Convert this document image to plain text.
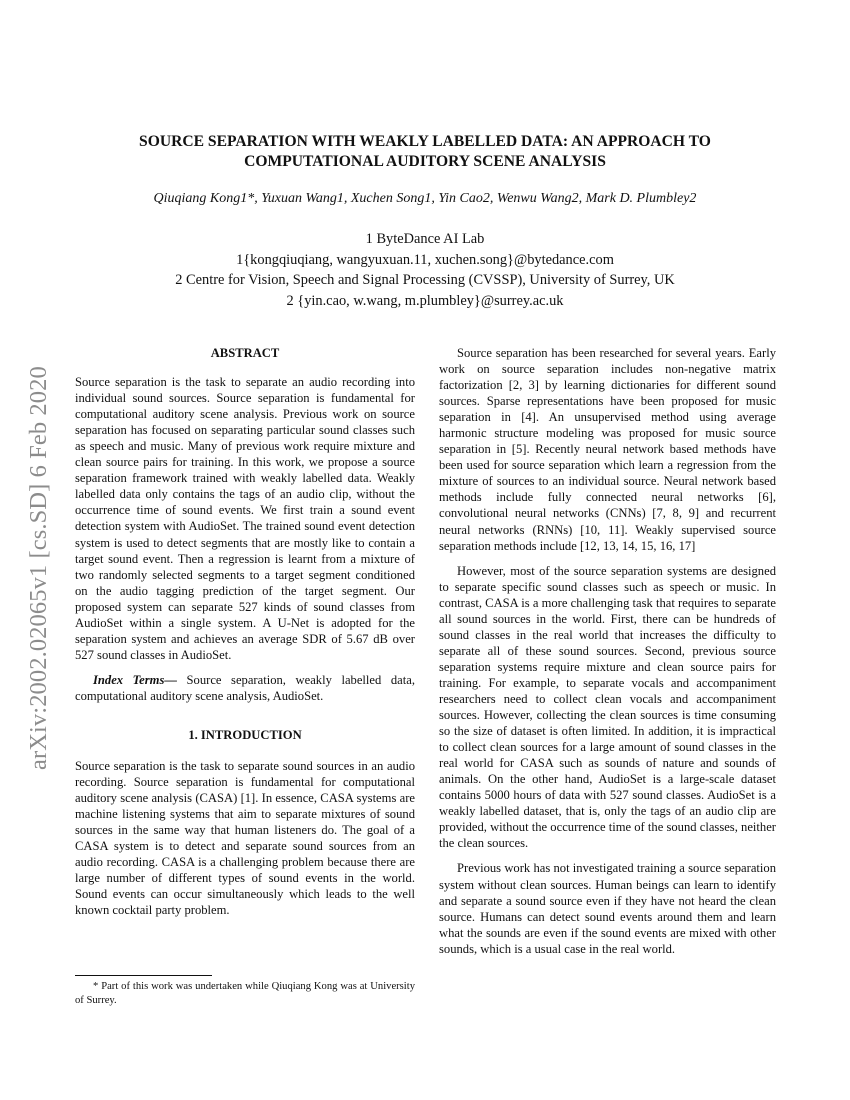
arXiv:2002.02065v1 [cs.SD] 6 Feb 2020
SOURCE SEPARATION WITH WEAKLY LABELLED DATA: AN APPROACH TO
COMPUTATIONAL AUDITORY SCENE ANALYSIS
Qiuqiang Kong1*, Yuxuan Wang1, Xuchen Song1, Yin Cao2, Wenwu Wang2, Mark D. Plumbley2
1 ByteDance AI Lab
1{kongqiuqiang, wangyuxuan.11, xuchen.song}@bytedance.com
2 Centre for Vision, Speech and Signal Processing (CVSSP), University of Surrey, UK
2 {yin.cao, w.wang, m.plumbley}@surrey.ac.uk
ABSTRACT

Source separation is the task to separate an audio recording into individual sound sources. Source separation is fundamental for computational auditory scene analysis. Previous work on source separation has focused on separating particular sound classes such as speech and music. Many of previous work require mixture and clean source pairs for training. In this work, we propose a source separation framework trained with weakly labelled data. Weakly labelled data only contains the tags of an audio clip, without the occurrence time of sound events. We first train a sound event detection system with AudioSet. The trained sound event detection system is used to detect segments that are mostly like to contain a target sound event. Then a regression is learnt from a mixture of two randomly selected segments to a target segment conditioned on the audio tagging prediction of the target segment. Our proposed system can separate 527 kinds of sound classes from AudioSet within a single system. A U-Net is adopted for the separation system and achieves an average SDR of 5.67 dB over 527 sound classes in AudioSet.

Index Terms— Source separation, weakly labelled data, computational auditory scene analysis, AudioSet.

1. INTRODUCTION

Source separation is the task to separate sound sources in an audio recording. Source separation is fundamental for computational auditory scene analysis (CASA) [1]. In essence, CASA systems are machine listening systems that aim to separate mixtures of sound sources in the same way that human listeners do. The goal of a CASA system is to detect and separate sound sources from an audio recording. CASA is a challenging problem because there are large number of different types of sound events in the world. Sound events can occur simultaneously which leads to the well known cocktail party problem.

* Part of this work was undertaken while Qiuqiang Kong was at University of Surrey.

Source separation has been researched for several years. Early work on source separation includes non-negative matrix factorization [2, 3] by learning dictionaries for different sound sources. Sparse representations have been proposed for music separation in [4]. An unsupervised method using average harmonic structure modeling was proposed for music source separation in [5]. Recently neural network based methods have been used for source separation which learn a regression from the mixture of sources to an individual source. Neural network based methods include fully connected neural networks [6], convolutional neural networks (CNNs) [7, 8, 9] and recurrent neural networks (RNNs) [10, 11]. Weakly supervised source separation methods include [12, 13, 14, 15, 16, 17]

However, most of the source separation systems are designed to separate specific sound classes such as speech or music. In contrast, CASA is a more challenging task that requires to separate all sound sources in the world. First, there can be hundreds of sound classes in the real world that increases the difficulty to separate all of these sound sources. Second, previous source separation systems require mixture and clean source pairs for training. For example, to separate vocals and accompaniment researchers need to collect clean vocals and accompaniment sources. However, collecting the clean sources is time consuming so the size of dataset is often limited. In addition, it is impractical to collect clean sources for a large amount of sound classes in the real world for CASA such as sounds of nature and sounds of animals. On the other hand, AudioSet is a large-scale dataset contains 5000 hours of data with 527 sound classes. AudioSet is a weakly labelled dataset, that is, only the tags of an audio clip are provided, without the occurrence time of the sound classes, neither the clean sources.

Previous work has not investigated training a source separation system without clean sources. Human beings can learn to identify and separate a sound source even if they have not heard the clean source. Humans can detect sound events around them and learn what the sounds are even if the sound events are mixed with other sounds, which is a usual case in the real world.
